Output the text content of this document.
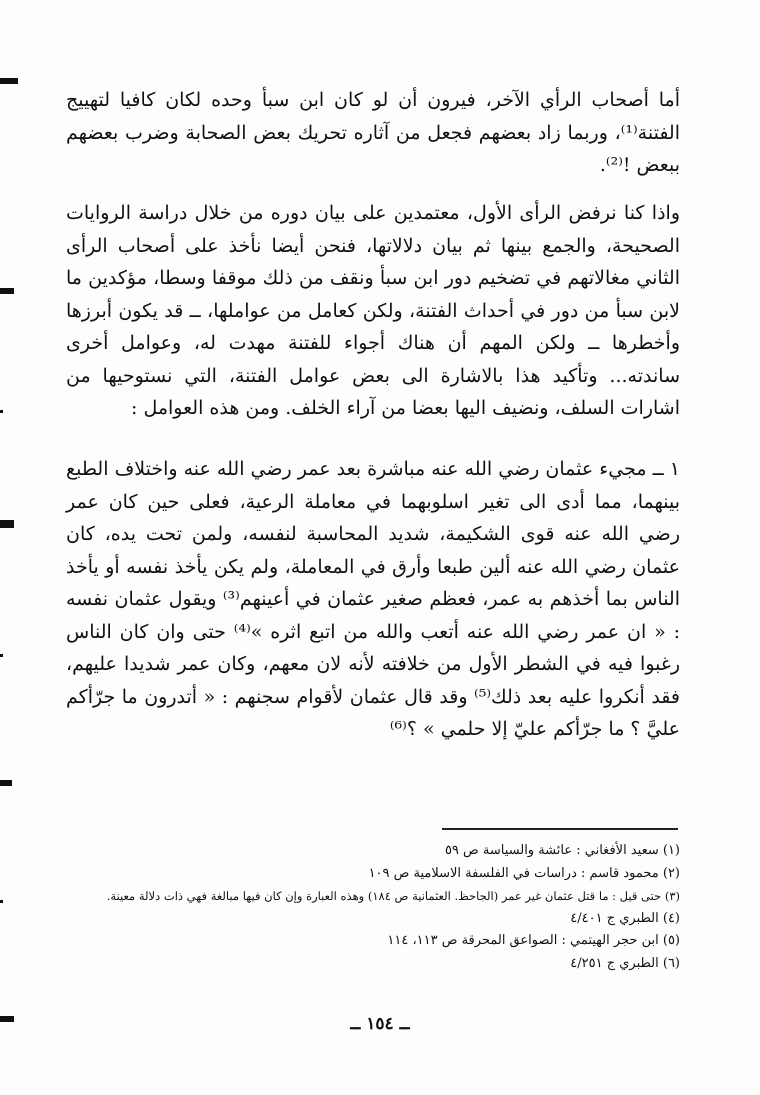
أما أصحاب الرأي الآخر، فيرون أن لو كان ابن سبأ وحده لكان كافيا لتهييج الفتنة⁽¹⁾، وربما زاد بعضهم فجعل من آثاره تحريك بعض الصحابة وضرب بعضهم ببعض !⁽²⁾.

واذا كنا نرفض الرأى الأول، معتمدين على بيان دوره من خلال دراسة الروايات الصحيحة، والجمع بينها ثم بيان دلالاتها، فنحن أيضا نأخذ على أصحاب الرأى الثاني مغالاتهم في تضخيم دور ابن سبأ ونقف من ذلك موقفا وسطا، مؤكدين ما لابن سبأ من دور في أحداث الفتنة، ولكن كعامل من عواملها، ــ قد يكون أبرزها وأخطرها ــ ولكن المهم أن هناك أجواء للفتنة مهدت له، وعوامل أخرى ساندته... وتأكيد هذا بالاشارة الى بعض عوامل الفتنة، التي نستوحيها من اشارات السلف، ونضيف اليها بعضا من آراء الخلف. ومن هذه العوامل :

١ ــ مجيء عثمان رضي الله عنه مباشرة بعد عمر رضي الله عنه واختلاف الطبع بينهما، مما أدى الى تغير اسلوبهما في معاملة الرعية، فعلى حين كان عمر رضي الله عنه قوى الشكيمة، شديد المحاسبة لنفسه، ولمن تحت يده، كان عثمان رضي الله عنه ألين طبعا وأرق في المعاملة، ولم يكن يأخذ نفسه أو يأخذ الناس بما أخذهم به عمر، فعظم صغير عثمان في أعينهم⁽³⁾ ويقول عثمان نفسه : « ان عمر رضي الله عنه أتعب والله من اتبع اثره »⁽⁴⁾ حتى وان كان الناس رغبوا فيه في الشطر الأول من خلافته لأنه لان معهم، وكان عمر شديدا عليهم، فقد أنكروا عليه بعد ذلك⁽⁵⁾ وقد قال عثمان لأقوام سجنهم : « أتدرون ما جرّأكم عليَّ ؟ ما جرّأكم عليّ إلا حلمي » ؟⁽⁶⁾

(١) سعيد الأفغاني : عائشة والسياسة ص ٥٩
(٢) محمود قاسم : دراسات في الفلسفة الاسلامية ص ١٠٩
(٣) حتى قيل : ما قتل عثمان غير عمر (الجاحظ. العثمانية ص ١٨٤) وهذه العبارة وإن كان فيها مبالغة فهي ذات دلالة معينة.
(٤) الطبري ج ٤/٤٠١
(٥) ابن حجر الهيتمي : الصواعق المحرقة ص ١١٣، ١١٤
(٦) الطبري ج ٤/٢٥١
ــ ١٥٤ ــ
